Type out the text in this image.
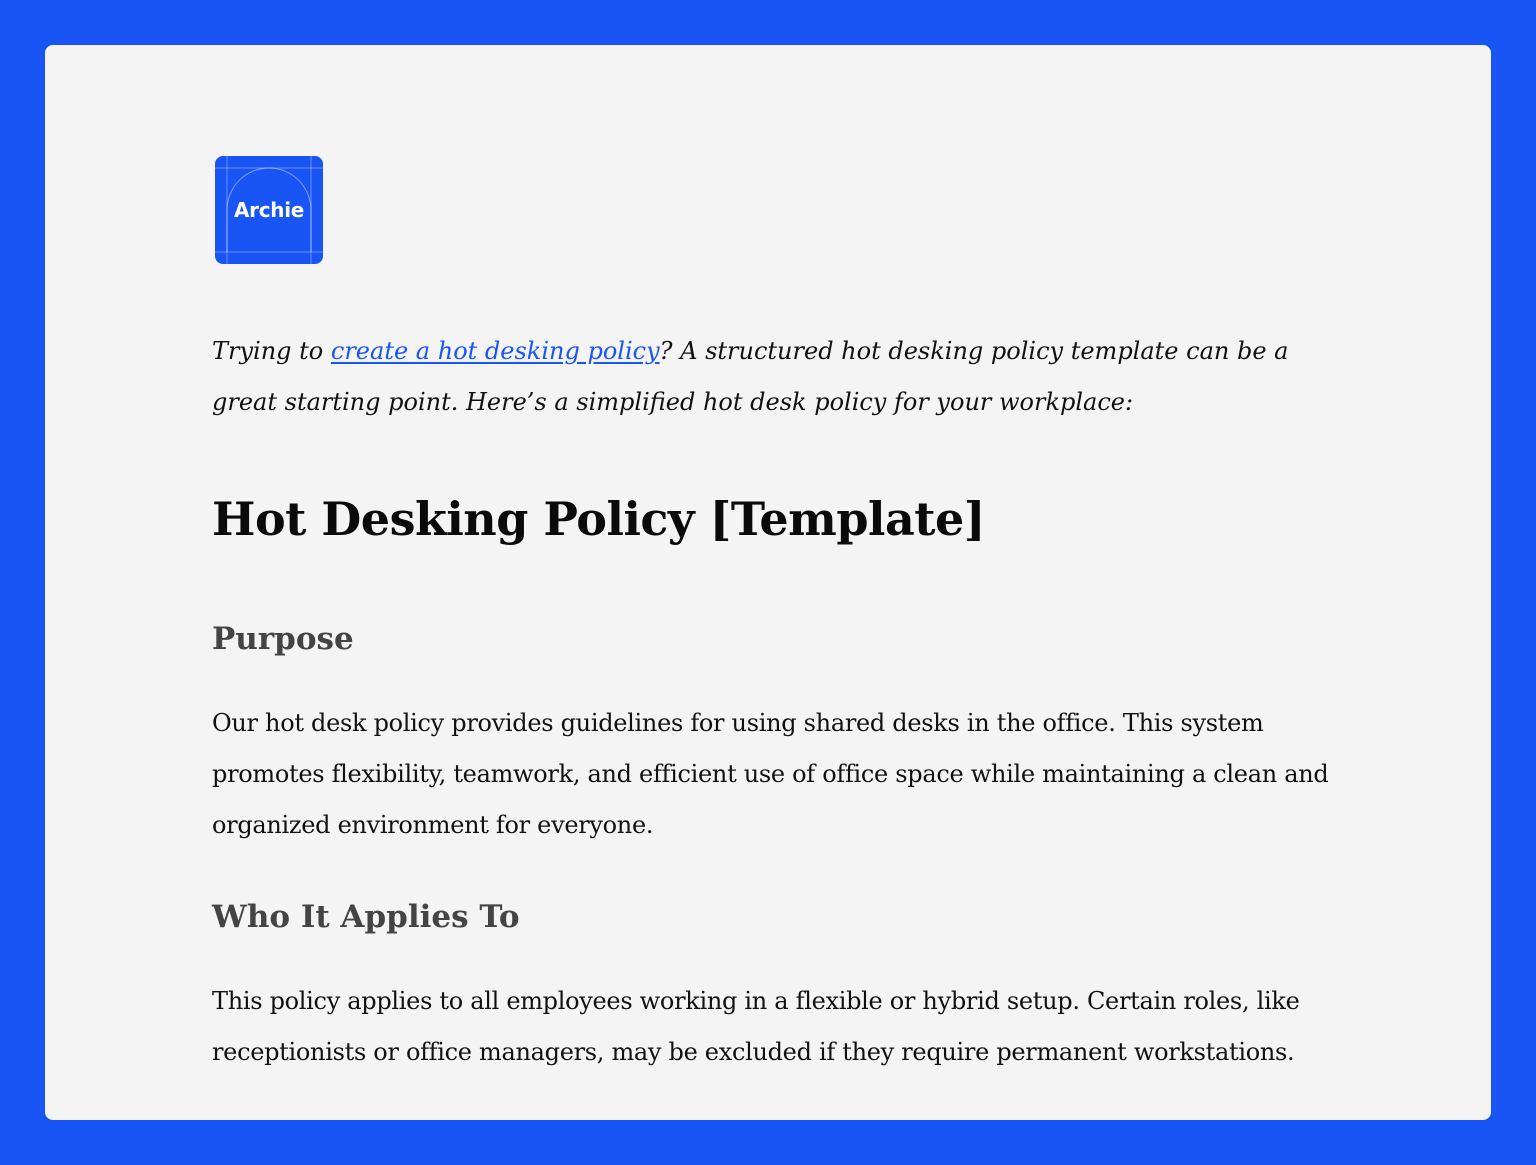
Archie

Trying to create a hot desking policy? A structured hot desking policy template can be a great starting point. Here’s a simplified hot desk policy for your workplace:

Hot Desking Policy [Template]
Purpose

Our hot desk policy provides guidelines for using shared desks in the office. This system promotes flexibility, teamwork, and efficient use of office space while maintaining a clean and organized environment for everyone.

Who It Applies To

This policy applies to all employees working in a flexible or hybrid setup. Certain roles, like receptionists or office managers, may be excluded if they require permanent workstations.
